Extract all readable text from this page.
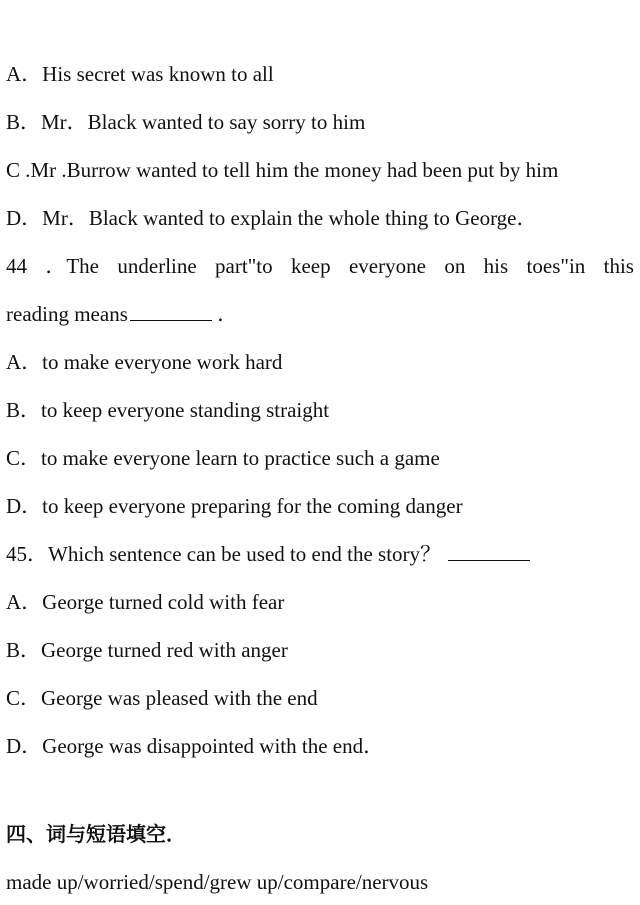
A．His secret was known to all
B．Mr．Black wanted to say sorry to him
C .Mr .Burrow wanted to tell him the money had been put by him
D．Mr．Black wanted to explain the whole thing to George．
44 ．The underline part"to keep everyone on his toes"in this
reading means	．
A．to make everyone work hard
B．to keep everyone standing straight
C．to make everyone learn to practice such a game
D．to keep everyone preparing for the coming danger
45．Which sentence can be used to end the story？
A．George turned cold with fear
B．George turned red with anger
C．George was pleased with the end
D．George was disappointed with the end．
四、词与短语填空．
made up/worried/spend/grew up/compare/nervous
